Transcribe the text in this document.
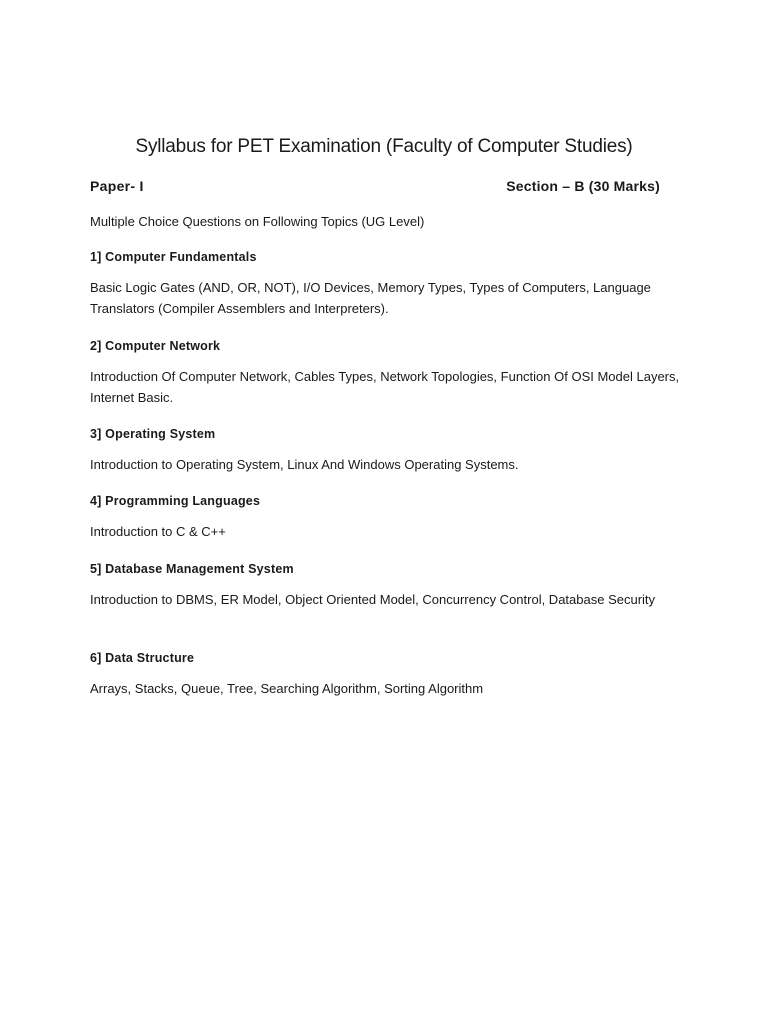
Syllabus for PET Examination (Faculty of Computer Studies)
Paper- I	Section – B (30 Marks)

Multiple Choice Questions on Following Topics (UG Level)

1] Computer Fundamentals

Basic Logic Gates (AND, OR, NOT), I/O Devices, Memory Types, Types of Computers, Language Translators (Compiler Assemblers and Interpreters).

2] Computer Network

Introduction Of Computer Network, Cables Types, Network Topologies, Function Of OSI Model Layers, Internet Basic.

3] Operating System

Introduction to Operating System, Linux And Windows Operating Systems.

4] Programming Languages

Introduction to C & C++

5] Database Management System

Introduction to DBMS, ER Model, Object Oriented Model, Concurrency Control, Database Security

6] Data Structure

Arrays, Stacks, Queue, Tree, Searching Algorithm, Sorting Algorithm
